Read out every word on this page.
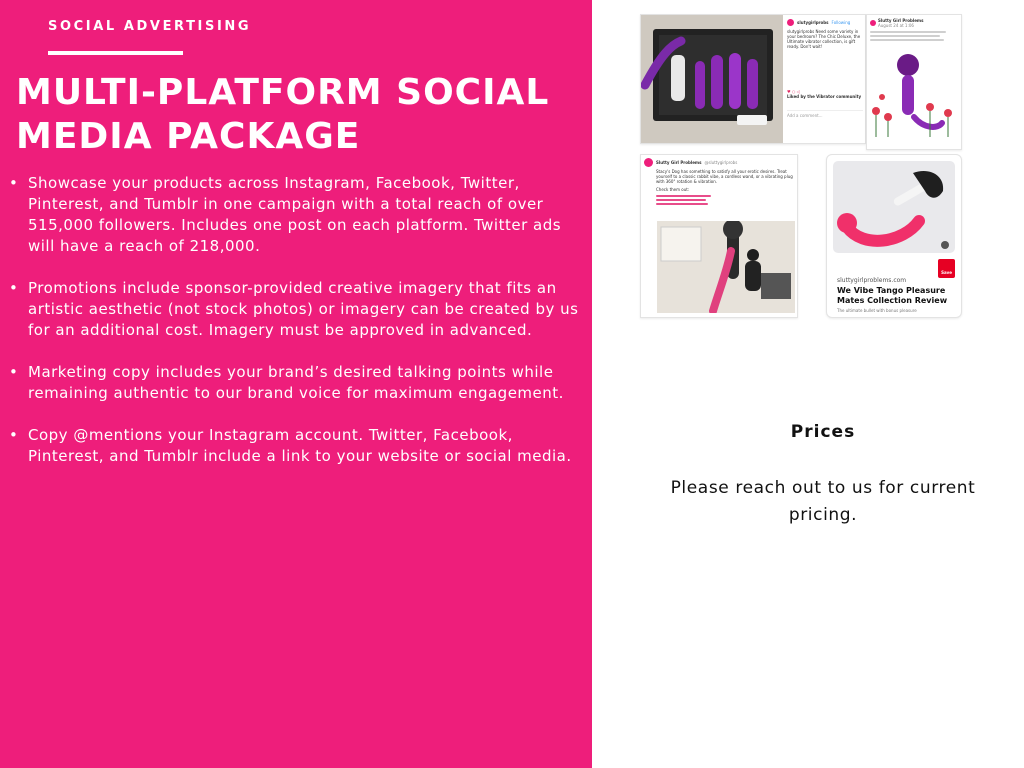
SOCIAL ADVERTISING
MULTI-PLATFORM SOCIAL MEDIA PACKAGE
• Showcase your products across Instagram, Facebook, Twitter, Pinterest, and Tumblr in one campaign with a total reach of over 515,000 followers. Includes one post on each platform. Twitter ads will have a reach of 218,000.
• Promotions include sponsor-provided creative imagery that fits an artistic aesthetic (not stock photos) or imagery can be created by us for an additional cost. Imagery must be approved in advanced.
• Marketing copy includes your brand’s desired talking points while remaining authentic to our brand voice for maximum engagement.
• Copy @mentions your Instagram account. Twitter, Facebook, Pinterest, and Tumblr include a link to your website or social media.
slutygirlprobs Following
slutygirlprobs Need some variety in your bedroom? The Chic Deluxe, the Ultimate vibrator collection, is gift ready. Don't wait!
♥ ○ ◁
Liked by the Vibrator community
Add a comment...
Slutty Girl Problems
August 24 at 1:06
Slutty Girl Problems @sluttygirlprobs
Stacy's Dog has something to satisfy all your erotic desires. Treat yourself to a classic rabbit vibe, a cordless wand, or a vibrating plug with 360° rotation & vibration.
Check them out:
Save
sluttygirlproblems.com
We Vibe Tango Pleasure Mates Collection Review
The ultimate bullet with bonus pleasure
Prices
Please reach out to us for current pricing.
